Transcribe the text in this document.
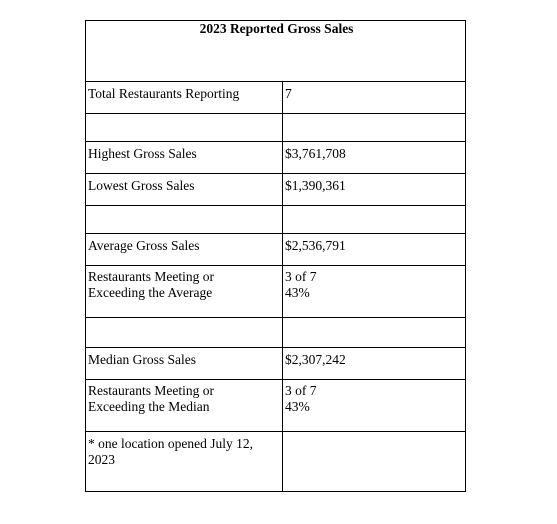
2023 Reported Gross Sales	
Total Restaurants Reporting	7

Highest Gross Sales	$3,761,708
Lowest Gross Sales	$1,390,361

Average Gross Sales	$2,536,791

Restaurants Meeting or
Exceeding the Average	3 of 7
43%

Median Gross Sales	$2,307,242

Restaurants Meeting or
Exceeding the Median	3 of 7
43%

* one location opened July 12,
2023	
